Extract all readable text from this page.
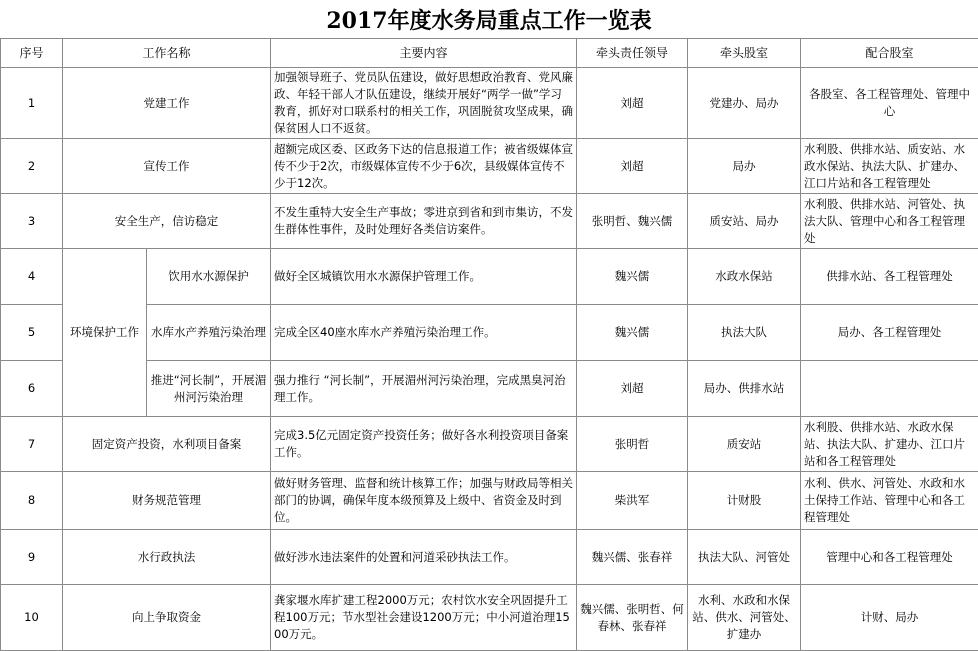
2017年度水务局重点工作一览表
序号	工作名称		主要内容	牵头责任领导	牵头股室	配合股室
1	党建工作		加强领导班子、党员队伍建设，做好思想政治教育、党风廉政、年轻干部人才队伍建设，继续开展好“两学一做”学习教育，抓好对口联系村的相关工作，巩固脱贫攻坚成果，确保贫困人口不返贫。	刘超	党建办、局办	各股室、各工程管理处、管理中心
2	宣传工作		超额完成区委、区政务下达的信息报道工作；被省级媒体宣传不少于2次，市级媒体宣传不少于6次，县级媒体宣传不少于12次。	刘超	局办	水利股、供排水站、质安站、水政水保站、执法大队、扩建办、江口片站和各工程管理处
3	安全生产，信访稳定		不发生重特大安全生产事故；零进京到省和到市集访，不发生群体性事件，及时处理好各类信访案件。	张明哲、魏兴儒	质安站、局办	水利股、供排水站、河管处、执法大队、管理中心和各工程管理处
4	环境保护工作	饮用水水源保护	做好全区城镇饮用水水源保护管理工作。	魏兴儒	水政水保站	供排水站、各工程管理处
5		水库水产养殖污染治理	完成全区40座水库水产养殖污染治理工作。	魏兴儒	执法大队	局办、各工程管理处
6		推进“河长制”，开展湄州河污染治理	强力推行 “河长制”，开展湄州河污染治理，完成黑臭河治理工作。	刘超	局办、供排水站	
7	固定资产投资，水利项目备案		完成3.5亿元固定资产投资任务；做好各水利投资项目备案工作。	张明哲	质安站	水利股、供排水站、水政水保站、执法大队、扩建办、江口片站和各工程管理处
8	财务规范管理		做好财务管理、监督和统计核算工作；加强与财政局等相关部门的协调，确保年度本级预算及上级中、省资金及时到位。	柴洪军	计财股	水利、供水、河管处、水政和水土保持工作站、管理中心和各工程管理处
9	水行政执法		做好涉水违法案件的处置和河道采砂执法工作。	魏兴儒、张春祥	执法大队、河管处	管理中心和各工程管理处
10	向上争取资金		龚家堰水库扩建工程2000万元；农村饮水安全巩固提升工程100万元；节水型社会建设1200万元；中小河道治理1500万元。	魏兴儒、张明哲、何春林、张春祥	水利、水政和水保站、供水、河管处、扩建办	计财、局办
